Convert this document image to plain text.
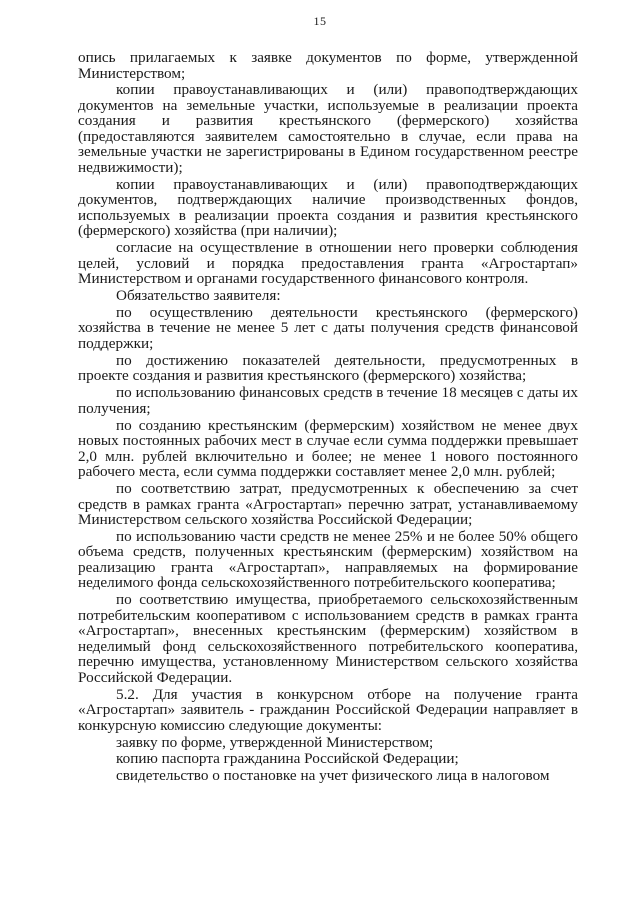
15

опись прилагаемых к заявке документов по форме, утвержденной Министерством;

копии правоустанавливающих и (или) правоподтверждающих документов на земельные участки, используемые в реализации проекта создания и развития крестьянского (фермерского) хозяйства (предоставляются заявителем самостоятельно в случае, если права на земельные участки не зарегистрированы в Едином государственном реестре недвижимости);

копии правоустанавливающих и (или) правоподтверждающих документов, подтверждающих наличие производственных фондов, используемых в реализации проекта создания и развития крестьянского (фермерского) хозяйства (при наличии);

согласие на осуществление в отношении него проверки соблюдения целей, условий и порядка предоставления гранта «Агростартап» Министерством и органами государственного финансового контроля.

Обязательство заявителя:

по осуществлению деятельности крестьянского (фермерского) хозяйства в течение не менее 5 лет с даты получения средств финансовой поддержки;

по достижению показателей деятельности, предусмотренных в проекте создания и развития крестьянского (фермерского) хозяйства;

по использованию финансовых средств в течение 18 месяцев с даты их получения;

по созданию крестьянским (фермерским) хозяйством не менее двух новых постоянных рабочих мест в случае если сумма поддержки превышает 2,0 млн. рублей включительно и более; не менее 1 нового постоянного рабочего места, если сумма поддержки составляет менее 2,0 млн. рублей;

по соответствию затрат, предусмотренных к обеспечению за счет средств в рамках гранта «Агростартап» перечню затрат, устанавливаемому Министерством сельского хозяйства Российской Федерации;

по использованию части средств не менее 25% и не более 50% общего объема средств, полученных крестьянским (фермерским) хозяйством на реализацию гранта «Агростартап», направляемых на формирование неделимого фонда сельскохозяйственного потребительского кооператива;

по соответствию имущества, приобретаемого сельскохозяйственным потребительским кооперативом с использованием средств в рамках гранта «Агростартап», внесенных крестьянским (фермерским) хозяйством в неделимый фонд сельскохозяйственного потребительского кооператива, перечню имущества, установленному Министерством сельского хозяйства Российской Федерации.

5.2. Для участия в конкурсном отборе на получение гранта «Агростартап» заявитель - гражданин Российской Федерации направляет в конкурсную комиссию следующие документы:

заявку по форме, утвержденной Министерством;

копию паспорта гражданина Российской Федерации;

свидетельство о постановке на учет физического лица в налоговом
